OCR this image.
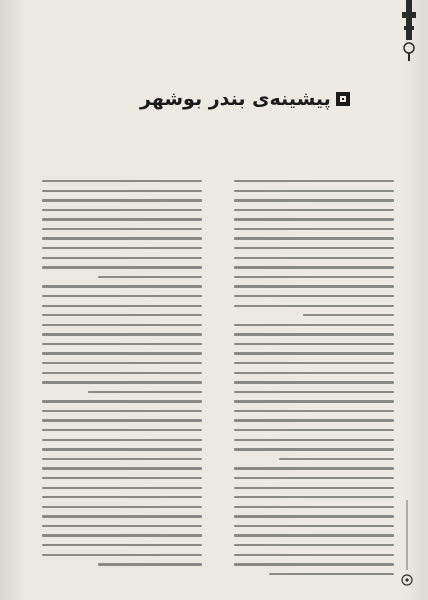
پیشینه‌ی بندر بوشهر
